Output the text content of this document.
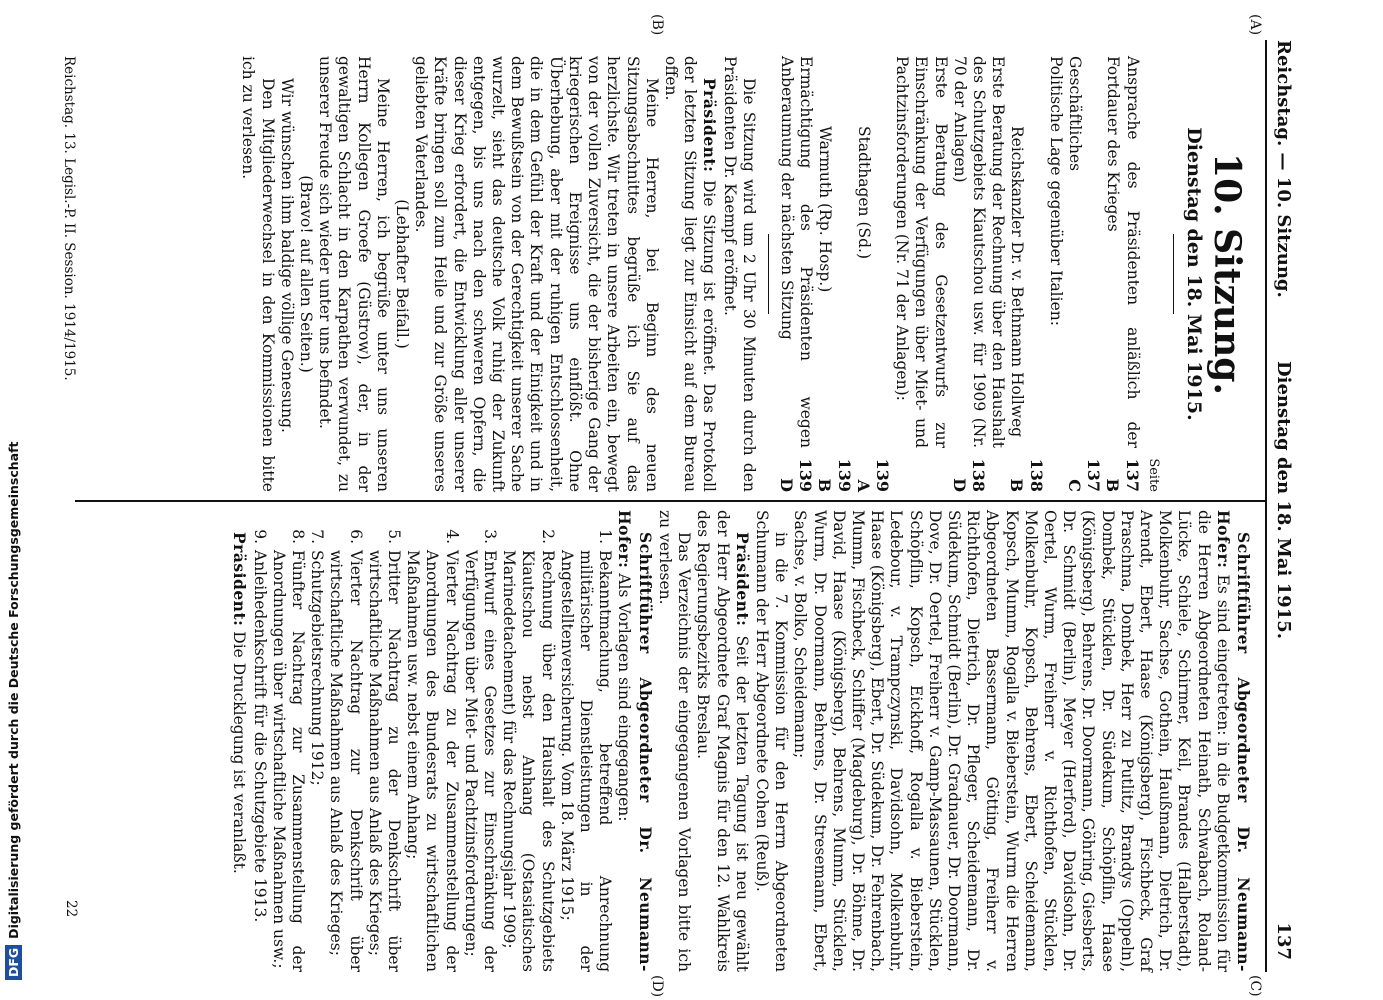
Reichstag. — 10. Sitzung.
Dienstag den 18. Mai 1915.
137
(A)
(B)
(C)
(D)
10. Sitzung.
Dienstag den 18. Mai 1915.
Seite
Ansprache des Präsidenten anläßlich der Fortdauer des Krieges
137 B
Geschäftliches
137 C
Politische Lage gegenüber Italien:
Reichskanzler Dr. v. Bethmann Hollweg
138 B
Erste Beratung der Rechnung über den Haushalt des Schutzgebiets Kiautschou usw. für 1909 (Nr. 70 der Anlagen)
138 D
Erste Beratung des Gesetzentwurfs zur Einschränkung der Verfügungen über Miet- und Pachtzinsforderungen (Nr. 71 der Anlagen):
Stadthagen (Sd.)
139 A
Warmuth (Rp. Hosp.)
139 B
Ermächtigung des Präsidenten wegen Anberaumung der nächsten Sitzung
139 D

Die Sitzung wird um 2 Uhr 30 Minuten durch den Präsidenten Dr. Kaempf eröffnet.

Präsident: Die Sitzung ist eröffnet. Das Protokoll der letzten Sitzung liegt zur Einsicht auf dem Bureau offen.

Meine Herren, bei Beginn des neuen Sitzungsabschnittes begrüße ich Sie auf das herzlichste. Wir treten in unsere Arbeiten ein, bewegt von der vollen Zuversicht, die der bisherige Gang der kriegerischen Ereignisse uns einflößt. Ohne Überhebung, aber mit der ruhigen Entschlossenheit, die in dem Gefühl der Kraft und der Einigkeit und in dem Bewußtsein von der Gerechtigkeit unserer Sache wurzelt, sieht das deutsche Volk ruhig der Zukunft entgegen, bis uns nach den schweren Opfern, die dieser Krieg erfordert, die Entwicklung aller unserer Kräfte bringen soll zum Heile und zur Größe unseres geliebten Vaterlandes.

(Lebhafter Beifall.)

Meine Herren, ich begrüße unter uns unseren Herrn Kollegen Groefe (Güstrow), der, in der gewaltigen Schlacht in den Karpathen verwundet, zu unserer Freude sich wieder unter uns befindet.

(Bravo! auf allen Seiten.)

Wir wünschen ihm baldige völlige Genesung.

Den Mitgliederwechsel in den Kommissionen bitte ich zu verlesen.

Schriftführer Abgeordneter Dr. Neumann-Hofer: Es sind eingetreten: in die Budgetkommission für die Herren Abgeordneten Heinath, Schwabach, Roland-Lücke, Schiele, Schirmer, Keil, Brandes (Halberstadt), Molkenbuhr, Sachse, Gothein, Haußmann, Dietrich, Dr. Arendt, Ebert, Haase (Königsberg), Fischbeck, Graf Praschma, Dombek, Herr zu Putlitz, Brandys (Oppeln), Dombek, Stücklen, Dr. Südekum, Schöpflin, Haase (Königsberg), Behrens, Dr. Doormann, Göhring, Giesberts, Dr. Schmidt (Berlin), Meyer (Herford), Davidsohn, Dr. Oertel, Wurm, Freiherr v. Richthofen, Stücklen, Molkenbuhr, Kopsch, Behrens, Ebert, Scheidemann, Kopsch, Mumm, Rogalla v. Bieberstein, Wurm die Herren Abgeordneten Bassermann, Götting, Freiherr v. Richthofen, Dietrich, Dr. Pfleger, Scheidemann, Dr. Südekum, Schmidt (Berlin), Dr. Gradnauer, Dr. Doormann, Dove, Dr. Oertel, Freiherr v. Gamp-Massaunen, Stücklen, Schöpflin, Kopsch, Eickhoff, Rogalla v. Bieberstein, Ledebour, v. Trampczynski, Davidsohn, Molkenbuhr, Haase (Königsberg), Ebert, Dr. Südekum, Dr. Fehrenbach, Mumm, Fischbeck, Schiffer (Magdeburg), Dr. Böhme, Dr. David, Haase (Königsberg), Behrens, Mumm, Stücklen, Wurm, Dr. Doormann, Behrens, Dr. Stresemann, Ebert, Sachse, v. Bolko, Scheidemann;

in die 7. Kommission für den Herrn Abgeordneten Schumann der Herr Abgeordnete Cohen (Reuß).

Präsident: Seit der letzten Tagung ist neu gewählt der Herr Abgeordnete Graf Magnis für den 12. Wahlkreis des Regierungsbezirks Breslau.

Das Verzeichnis der eingegangenen Vorlagen bitte ich zu verlesen.

Schriftführer Abgeordneter Dr. Neumann-Hofer: Als Vorlagen sind eingegangen:

1.
Bekanntmachung, betreffend Anrechnung militärischer Dienstleistungen in der Angestelltenversicherung. Vom 18. März 1915;
2.
Rechnung über den Haushalt des Schutzgebiets Kiautschou nebst Anhang (Ostasiatisches Marinedetachement) für das Rechnungsjahr 1909;
3.
Entwurf eines Gesetzes zur Einschränkung der Verfügungen über Miet- und Pachtzinsforderungen;
4.
Vierter Nachtrag zu der Zusammenstellung der Anordnungen des Bundesrats zu wirtschaftlichen Maßnahmen usw. nebst einem Anhang;
5.
Dritter Nachtrag zu der Denkschrift über wirtschaftliche Maßnahmen aus Anlaß des Krieges;
6.
Vierter Nachtrag zur Denkschrift über wirtschaftliche Maßnahmen aus Anlaß des Krieges;
7.
Schutzgebietsrechnung 1912;
8.
Fünfter Nachtrag zur Zusammenstellung der Anordnungen über wirtschaftliche Maßnahmen usw.;
9.
Anleihedenkschrift für die Schutzgebiete 1913.

Präsident: Die Drucklegung ist veranlaßt.

Reichstag. 13. Legisl.-P. II. Session. 1914/1915.
22
DFG
Digitalisierung gefördert durch die Deutsche Forschungsgemeinschaft
